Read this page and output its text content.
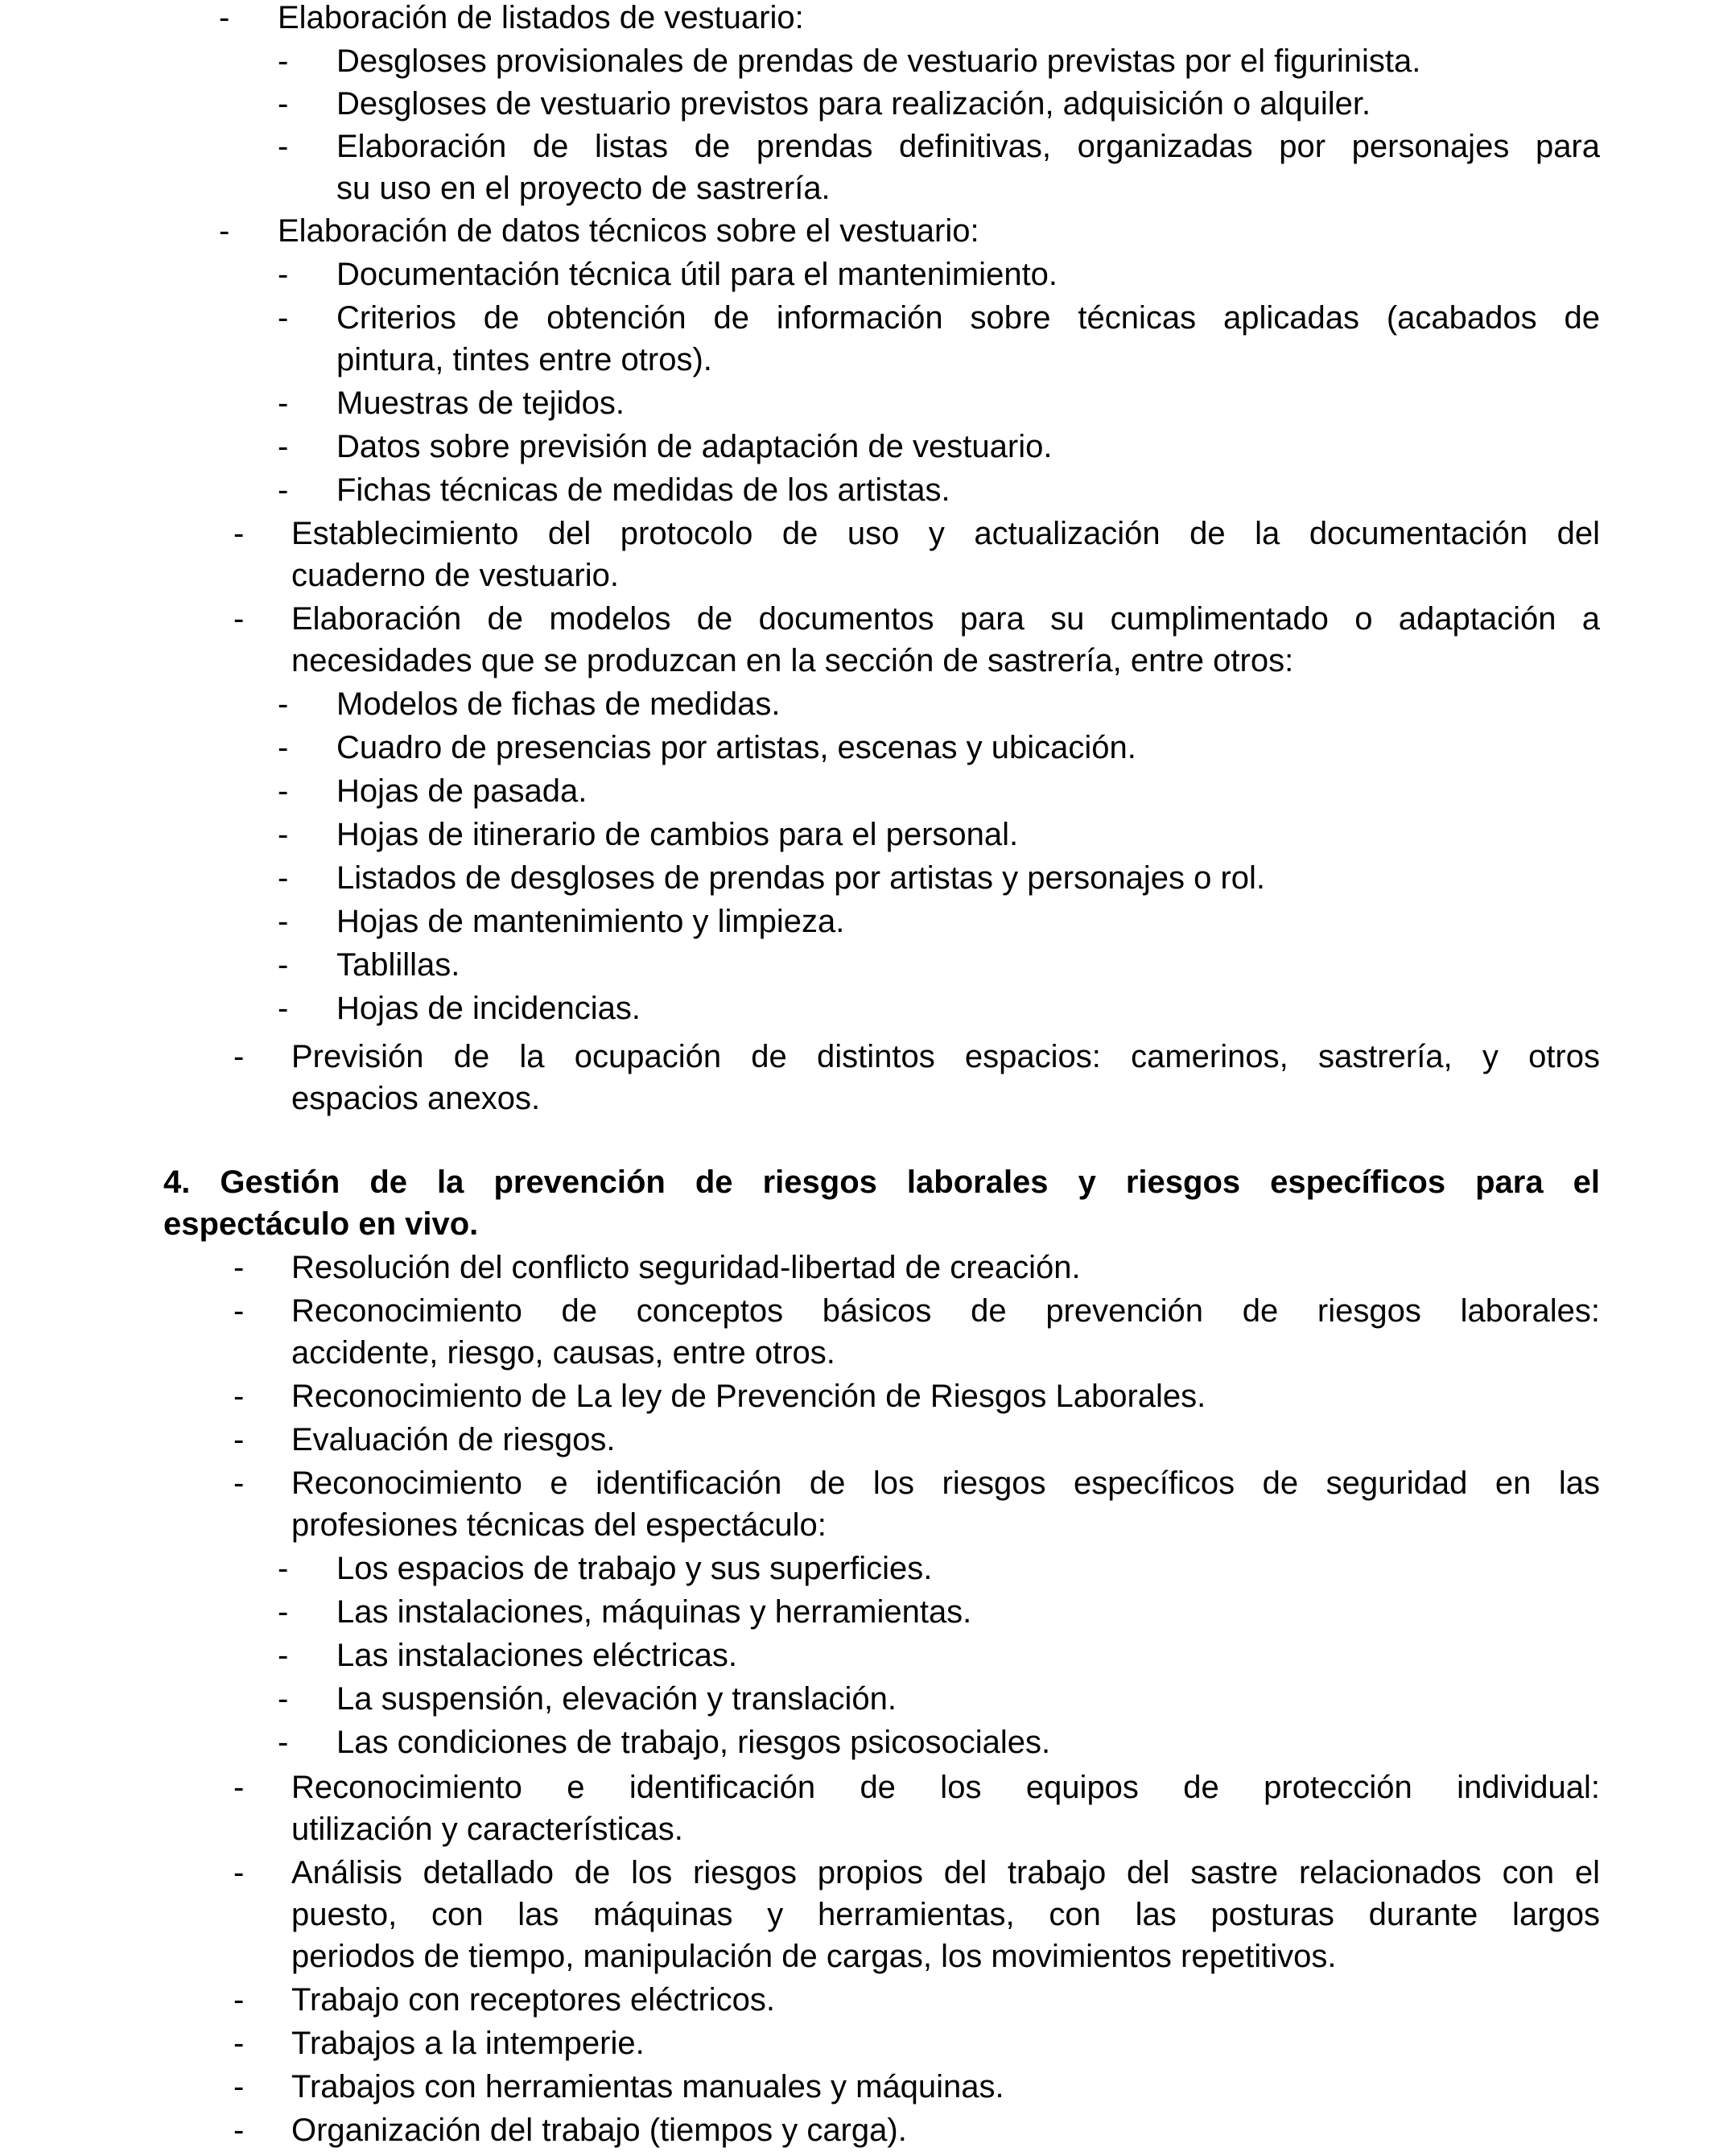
- Elaboración de listados de vestuario:
- Desgloses provisionales de prendas de vestuario previstas por el figurinista.
- Desgloses de vestuario previstos para realización, adquisición o alquiler.
- Elaboración de listas de prendas definitivas, organizadas por personajes para
su uso en el proyecto de sastrería.
- Elaboración de datos técnicos sobre el vestuario:
- Documentación técnica útil para el mantenimiento.
- Criterios de obtención de información sobre técnicas aplicadas (acabados de
pintura, tintes entre otros).
- Muestras de tejidos.
- Datos sobre previsión de adaptación de vestuario.
- Fichas técnicas de medidas de los artistas.
- Establecimiento del protocolo de uso y actualización de la documentación del
cuaderno de vestuario.
- Elaboración de modelos de documentos para su cumplimentado o adaptación a
necesidades que se produzcan en la sección de sastrería, entre otros:
- Modelos de fichas de medidas.
- Cuadro de presencias por artistas, escenas y ubicación.
- Hojas de pasada.
- Hojas de itinerario de cambios para el personal.
- Listados de desgloses de prendas por artistas y personajes o rol.
- Hojas de mantenimiento y limpieza.
- Tablillas.
- Hojas de incidencias.
- Previsión de la ocupación de distintos espacios: camerinos, sastrería, y otros
espacios anexos.
4. Gestión de la prevención de riesgos laborales y riesgos específicos para el
espectáculo en vivo.
- Resolución del conflicto seguridad-libertad de creación.
- Reconocimiento de conceptos básicos de prevención de riesgos laborales:
accidente, riesgo, causas, entre otros.
- Reconocimiento de La ley de Prevención de Riesgos Laborales.
- Evaluación de riesgos.
- Reconocimiento e identificación de los riesgos específicos de seguridad en las
profesiones técnicas del espectáculo:
- Los espacios de trabajo y sus superficies.
- Las instalaciones, máquinas y herramientas.
- Las instalaciones eléctricas.
- La suspensión, elevación y translación.
- Las condiciones de trabajo, riesgos psicosociales.
- Reconocimiento e identificación de los equipos de protección individual:
utilización y características.
- Análisis detallado de los riesgos propios del trabajo del sastre relacionados con el
puesto, con las máquinas y herramientas, con las posturas durante largos
periodos de tiempo, manipulación de cargas, los movimientos repetitivos.
- Trabajo con receptores eléctricos.
- Trabajos a la intemperie.
- Trabajos con herramientas manuales y máquinas.
- Organización del trabajo (tiempos y carga).
